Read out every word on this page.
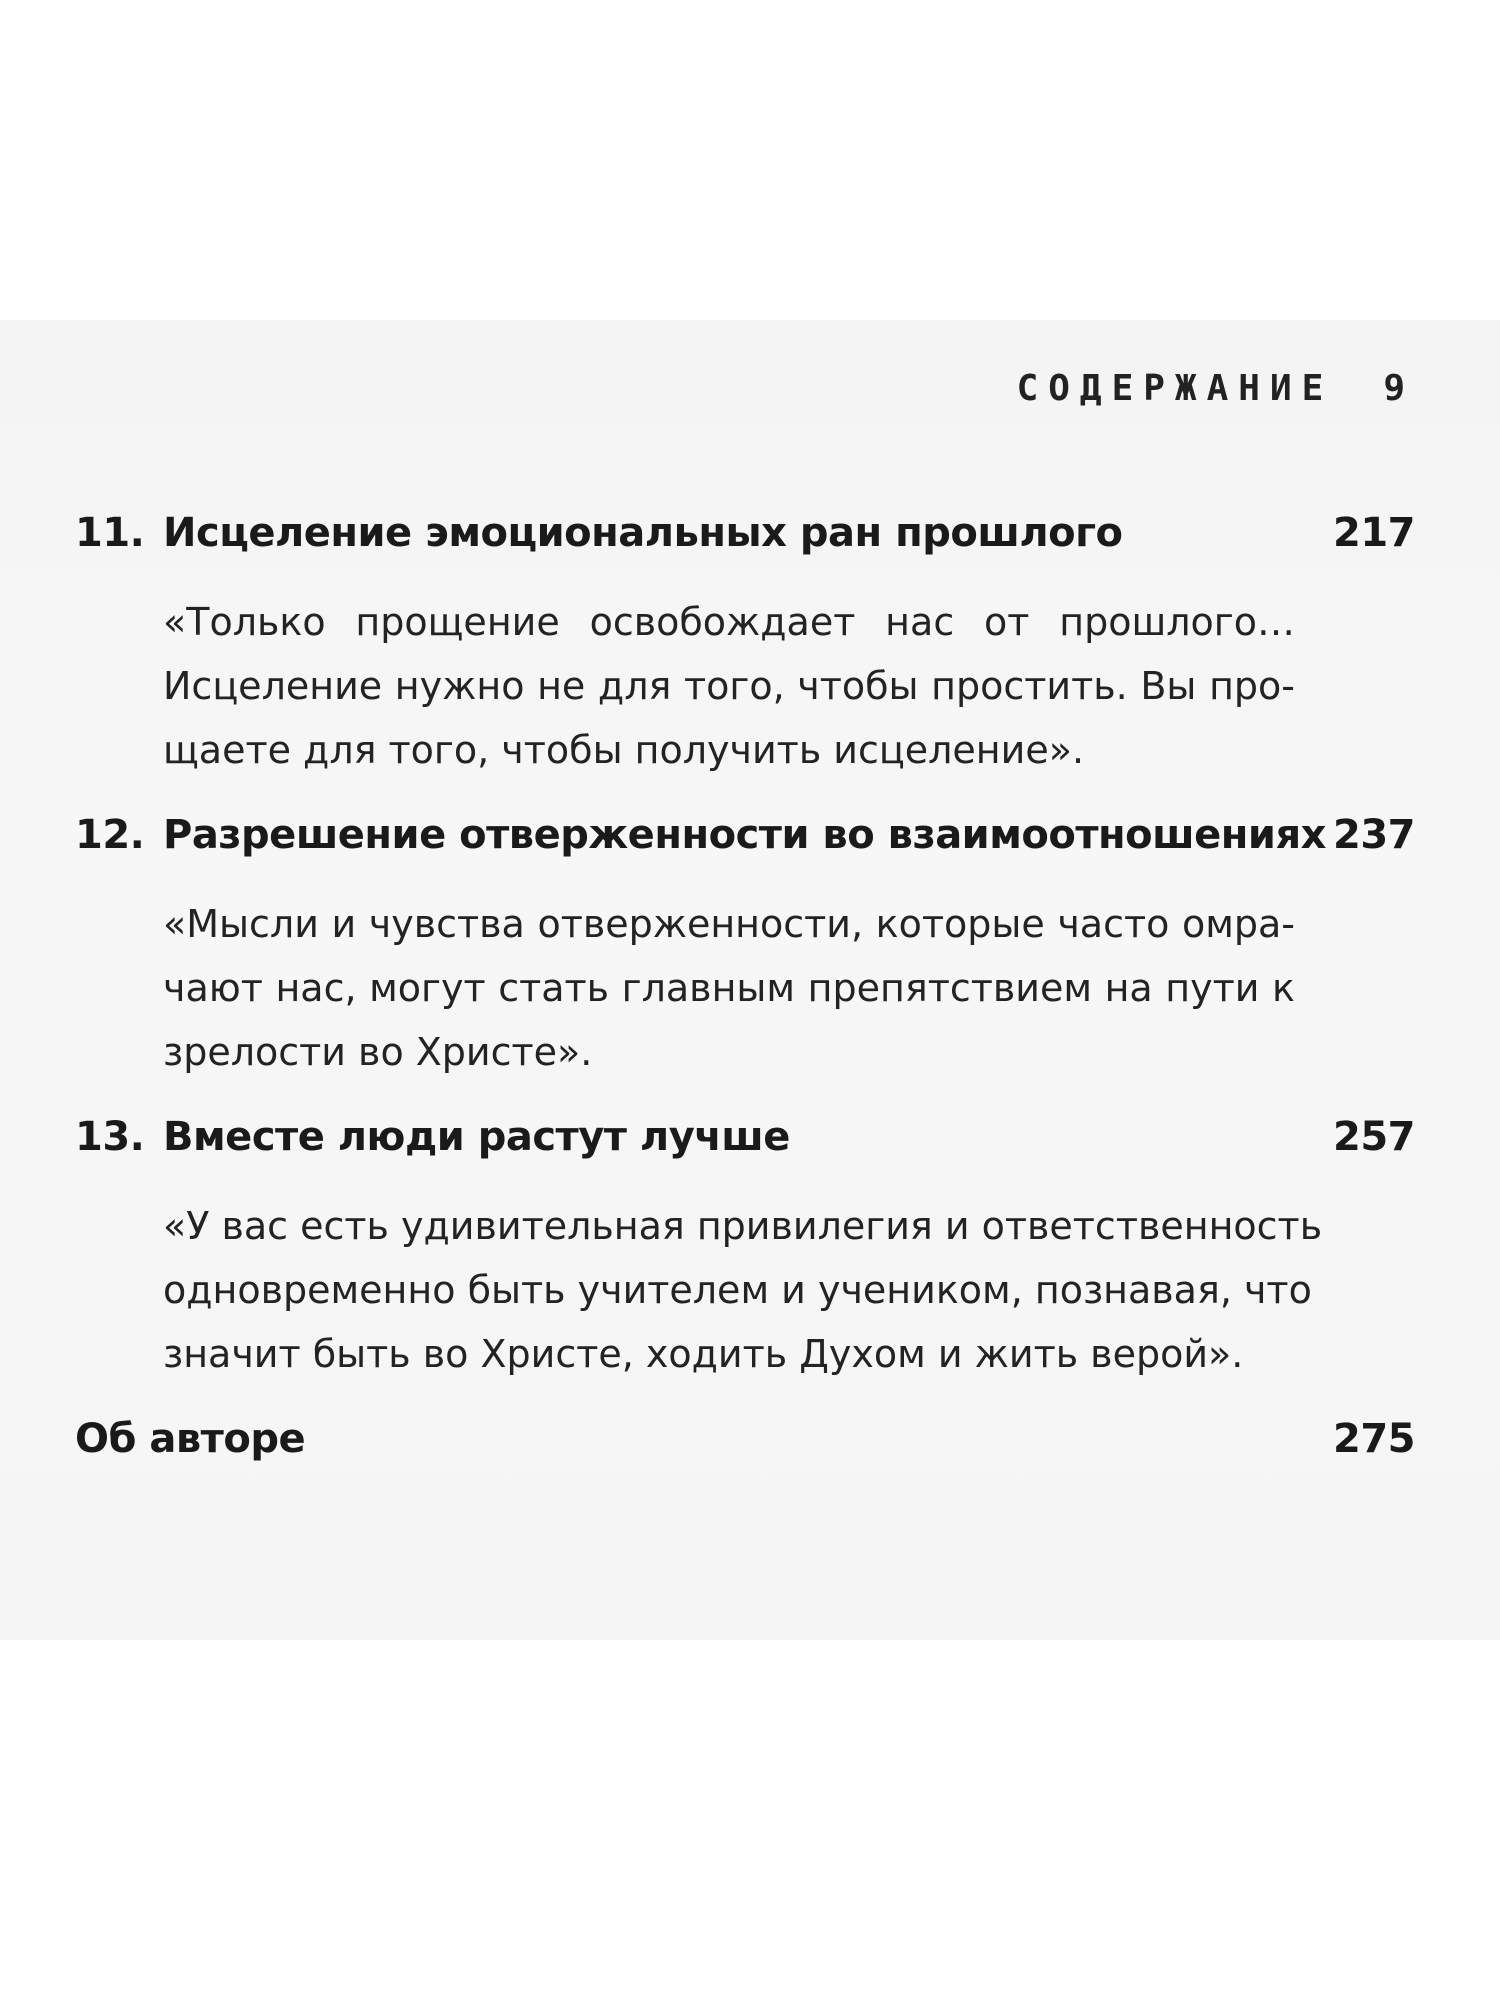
СОДЕРЖАНИЕ 9
11. Исцеление эмоциональных ран прошлого	217
«Только прощение освобождает нас от прошлого…
Исцеление нужно не для того, чтобы простить. Вы про-
щаете для того, чтобы получить исцеление».
12. Разрешение отверженности во взаимоотношениях 237
«Мысли и чувства отверженности, которые часто омра-
чают нас, могут стать главным препятствием на пути к
зрелости во Христе».
13. Вместе люди растут лучше	257
«У вас есть удивительная привилегия и ответственность
одновременно быть учителем и учеником, познавая, что
значит быть во Христе, ходить Духом и жить верой».
Об авторе	275
